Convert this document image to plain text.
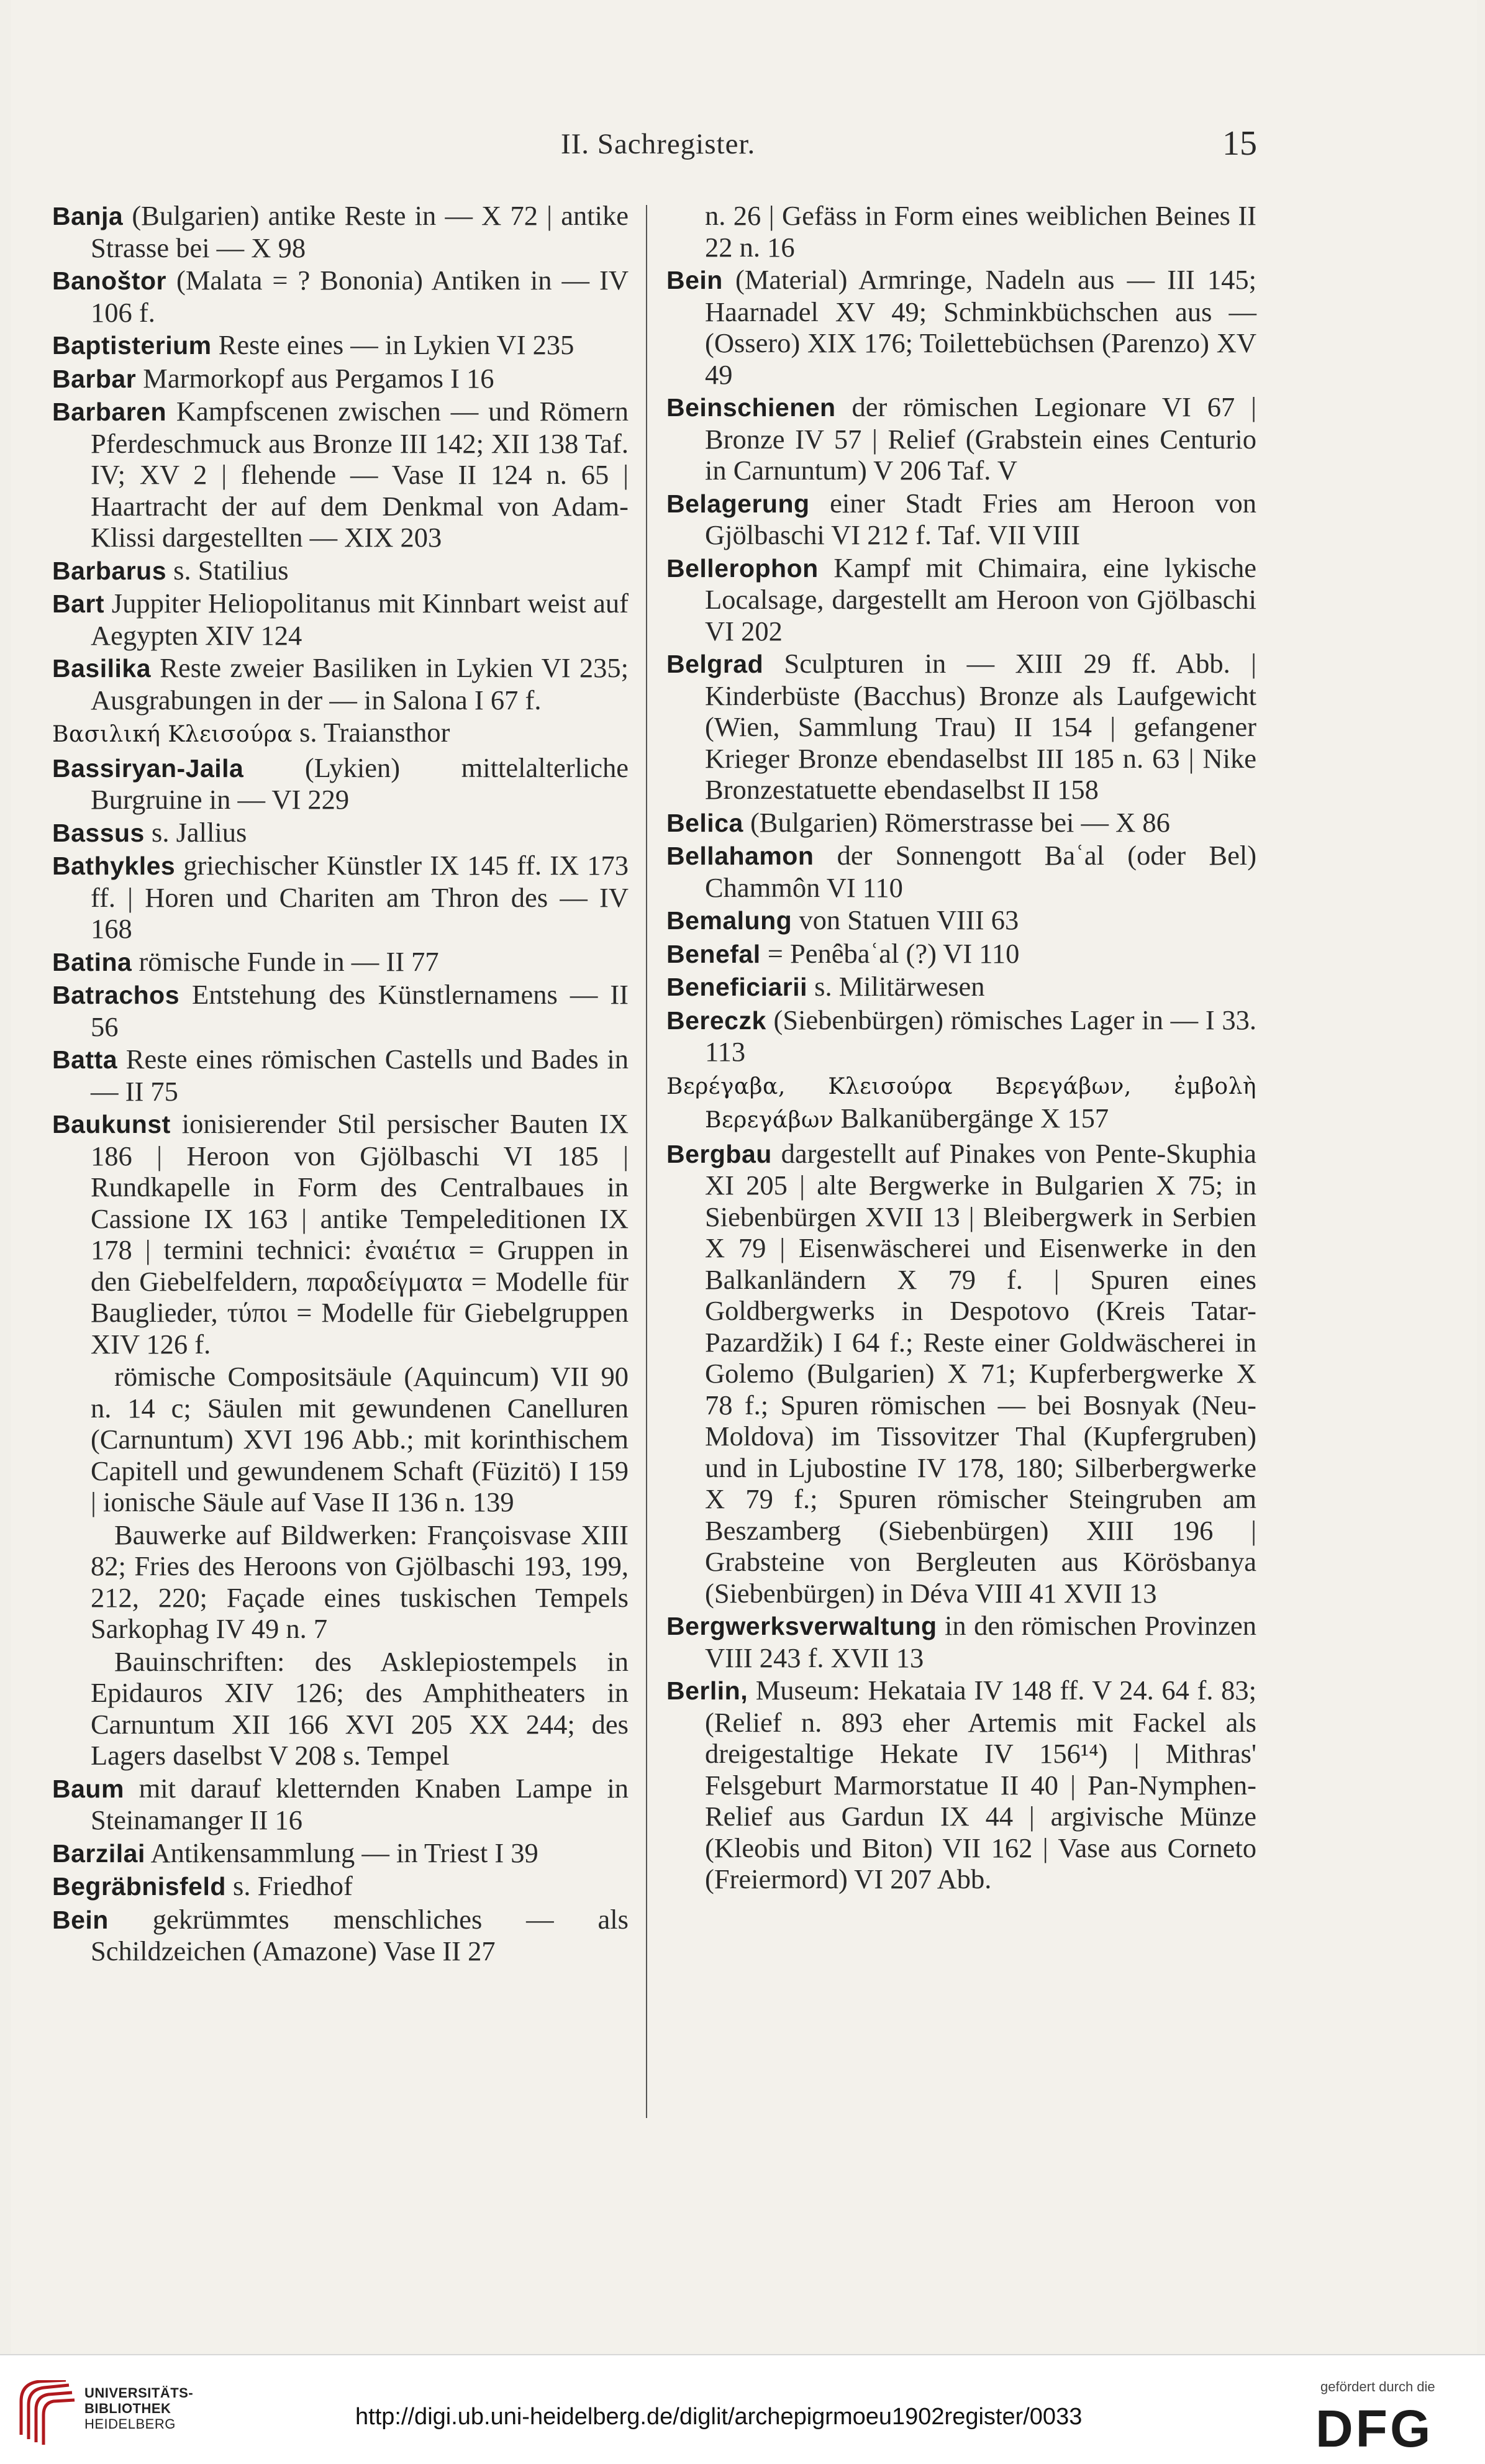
II. Sachregister.	15
Banja (Bulgarien) antike Reste in — X 72 | antike Strasse bei — X 98
Banoštor (Malata = ? Bononia) Antiken in — IV 106 f.
Baptisterium Reste eines — in Lykien VI 235
Barbar Marmorkopf aus Pergamos I 16
Barbaren Kampfscenen zwischen — und Römern Pferdeschmuck aus Bronze III 142; XII 138 Taf. IV; XV 2 | flehende — Vase II 124 n. 65 | Haartracht der auf dem Denkmal von Adam-Klissi dargestellten — XIX 203
Barbarus s. Statilius
Bart Juppiter Heliopolitanus mit Kinnbart weist auf Aegypten XIV 124
Basilika Reste zweier Basiliken in Lykien VI 235; Ausgrabungen in der — in Salona I 67 f.
Βασιλική Κλεισούρα s. Traiansthor
Bassiryan-Jaila (Lykien) mittelalterliche Burgruine in — VI 229
Bassus s. Jallius
Bathykles griechischer Künstler IX 145 ff. IX 173 ff. | Horen und Chariten am Thron des — IV 168
Batina römische Funde in — II 77
Batrachos Entstehung des Künstlernamens — II 56
Batta Reste eines römischen Castells und Bades in — II 75
Baukunst ionisierender Stil persischer Bauten IX 186 | Heroon von Gjölbaschi VI 185 | Rundkapelle in Form des Centralbaues in Cassione IX 163 | antike Tempeleditionen IX 178 | termini technici: ἐναιέτια = Gruppen in den Giebelfeldern, παραδείγματα = Modelle für Bauglieder, τύποι = Modelle für Giebelgruppen XIV 126 f.
römische Compositsäule (Aquincum) VII 90 n. 14 c; Säulen mit gewundenen Canelluren (Carnuntum) XVI 196 Abb.; mit korinthischem Capitell und gewundenem Schaft (Füzitö) I 159 | ionische Säule auf Vase II 136 n. 139
Bauwerke auf Bildwerken: Françoisvase XIII 82; Fries des Heroons von Gjölbaschi 193, 199, 212, 220; Façade eines tuskischen Tempels Sarkophag IV 49 n. 7
Bauinschriften: des Asklepiostempels in Epidauros XIV 126; des Amphitheaters in Carnuntum XII 166 XVI 205 XX 244; des Lagers daselbst V 208 s. Tempel
Baum mit darauf kletternden Knaben Lampe in Steinamanger II 16
Barzilai Antikensammlung — in Triest I 39
Begräbnisfeld s. Friedhof
Bein gekrümmtes menschliches — als Schildzeichen (Amazone) Vase II 27
n. 26 | Gefäss in Form eines weiblichen Beines II 22 n. 16
Bein (Material) Armringe, Nadeln aus — III 145; Haarnadel XV 49; Schminkbüchschen aus — (Ossero) XIX 176; Toilettebüchsen (Parenzo) XV 49
Beinschienen der römischen Legionare VI 67 | Bronze IV 57 | Relief (Grabstein eines Centurio in Carnuntum) V 206 Taf. V
Belagerung einer Stadt Fries am Heroon von Gjölbaschi VI 212 f. Taf. VII VIII
Bellerophon Kampf mit Chimaira, eine lykische Localsage, dargestellt am Heroon von Gjölbaschi VI 202
Belgrad Sculpturen in — XIII 29 ff. Abb. | Kinderbüste (Bacchus) Bronze als Laufgewicht (Wien, Sammlung Trau) II 154 | gefangener Krieger Bronze ebendaselbst III 185 n. 63 | Nike Bronzestatuette ebendaselbst II 158
Belica (Bulgarien) Römerstrasse bei — X 86
Bellahamon der Sonnengott Baʿal (oder Bel) Chammôn VI 110
Bemalung von Statuen VIII 63
Benefal = Penêbaʿal (?) VI 110
Beneficiarii s. Militärwesen
Bereczk (Siebenbürgen) römisches Lager in — I 33. 113
Βερέγαβα, Κλεισούρα Βερεγάβων, ἐμβολὴ Βερεγάβων Balkanübergänge X 157
Bergbau dargestellt auf Pinakes von Pente-Skuphia XI 205 | alte Bergwerke in Bulgarien X 75; in Siebenbürgen XVII 13 | Bleibergwerk in Serbien X 79 | Eisenwäscherei und Eisenwerke in den Balkanländern X 79 f. | Spuren eines Goldbergwerks in Despotovo (Kreis Tatar-Pazardžik) I 64 f.; Reste einer Goldwäscherei in Golemo (Bulgarien) X 71; Kupferbergwerke X 78 f.; Spuren römischen — bei Bosnyak (Neu-Moldova) im Tissovitzer Thal (Kupfergruben) und in Ljubostine IV 178, 180; Silberbergwerke X 79 f.; Spuren römischer Steingruben am Beszamberg (Siebenbürgen) XIII 196 | Grabsteine von Bergleuten aus Körösbanya (Siebenbürgen) in Déva VIII 41 XVII 13
Bergwerksverwaltung in den römischen Provinzen VIII 243 f. XVII 13
Berlin, Museum: Hekataia IV 148 ff. V 24. 64 f. 83; (Relief n. 893 eher Artemis mit Fackel als dreigestaltige Hekate IV 156¹⁴) | Mithras' Felsgeburt Marmorstatue II 40 | Pan-Nymphen-Relief aus Gardun IX 44 | argivische Münze (Kleobis und Biton) VII 162 | Vase aus Corneto (Freiermord) VI 207 Abb.
UNIVERSITÄTS-
BIBLIOTHEK
HEIDELBERG	http://digi.ub.uni-heidelberg.de/diglit/archepigrmoeu1902register/0033
gefördert durch die
DFG
